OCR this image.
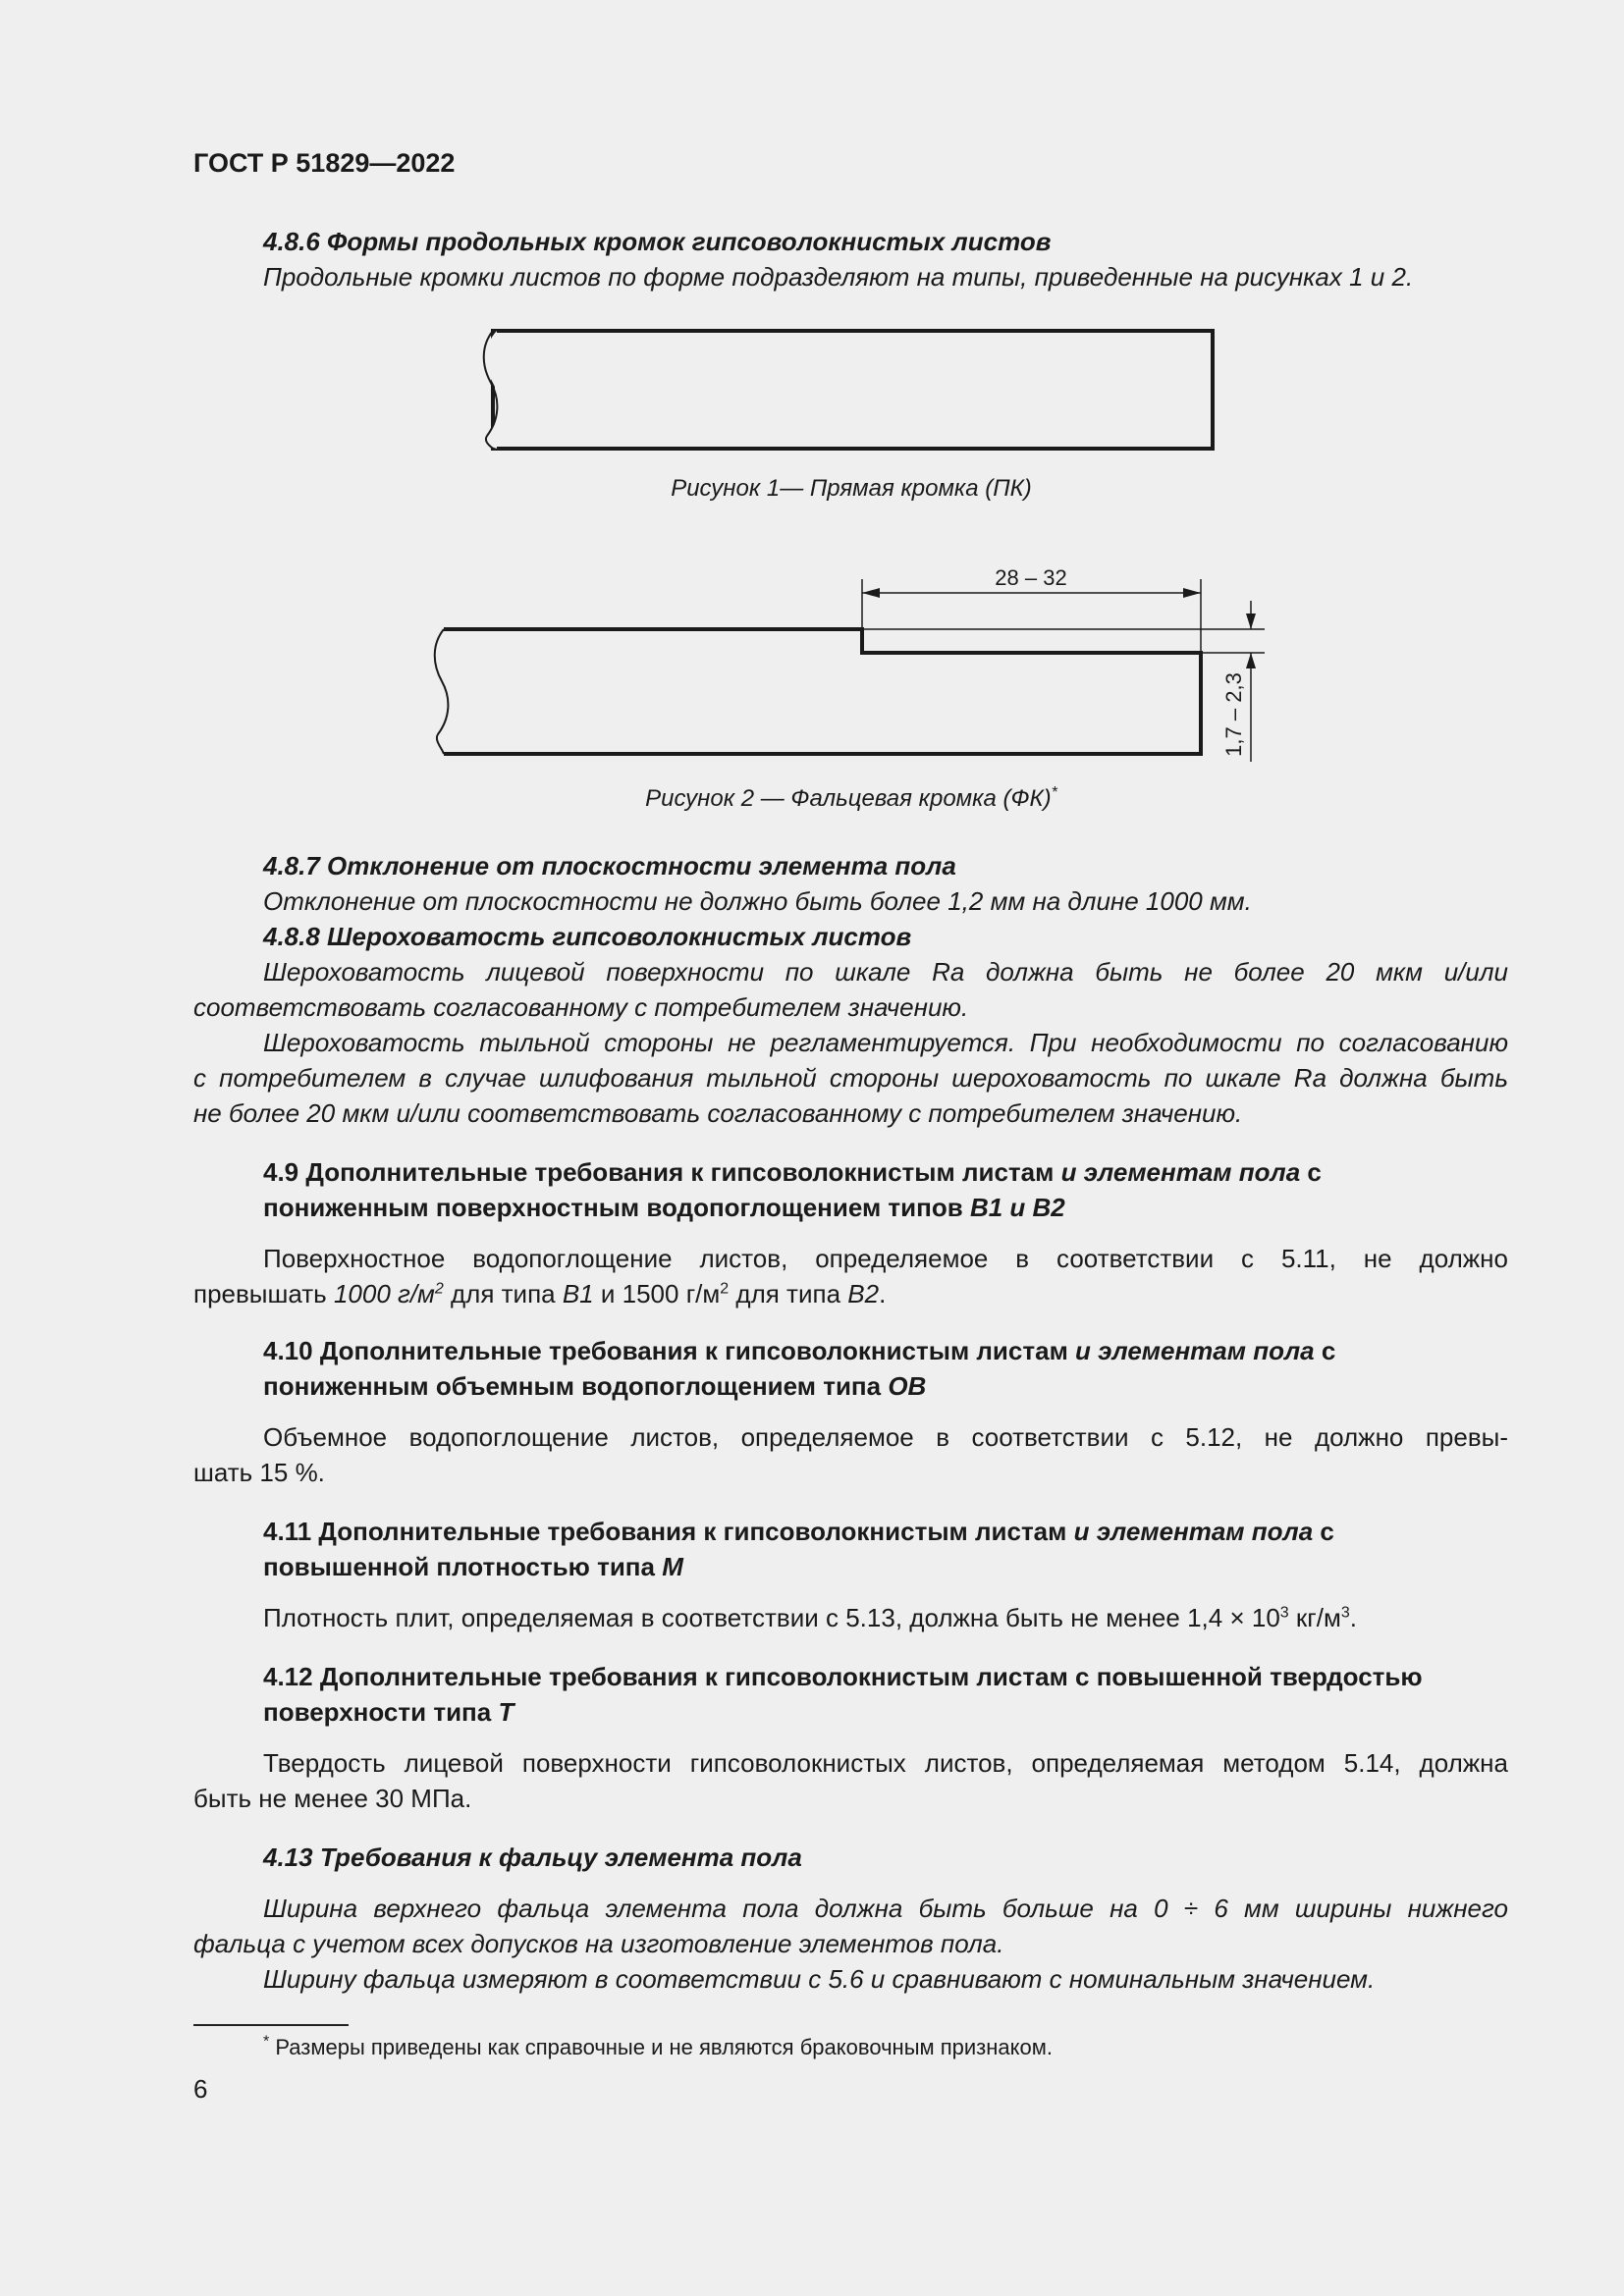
ГОСТ Р 51829—2022
4.8.6 Формы продольных кромок гипсоволокнистых листов
Продольные кромки листов по форме подразделяют на типы, приведенные на рисунках 1 и 2.
Рисунок 1— Прямая кромка (ПК)
28 – 32
1,7 – 2,3
Рисунок 2 — Фальцевая кромка (ФК)*
4.8.7 Отклонение от плоскостности элемента пола
Отклонение от плоскостности не должно быть более 1,2 мм на длине 1000 мм.
4.8.8 Шероховатость гипсоволокнистых листов
Шероховатость лицевой поверхности по шкале Ra должна быть не более 20 мкм и/или
соответствовать согласованному с потребителем значению.
Шероховатость тыльной стороны не регламентируется. При необходимости по согласованию
с потребителем в случае шлифования тыльной стороны шероховатость по шкале Ra должна быть
не более 20 мкм и/или соответствовать согласованному с потребителем значению.
4.9 Дополнительные требования к гипсоволокнистым листам и элементам пола с
пониженным поверхностным водопоглощением типов B1 и B2
Поверхностное водопоглощение листов, определяемое в соответствии с 5.11, не должно
превышать 1000 $г/м^2$ для типа B1 и 1500 $г/м^2$ для типа B2.
4.10 Дополнительные требования к гипсоволокнистым листам и элементам пола с
пониженным объемным водопоглощением типа OB
Объемное водопоглощение листов, определяемое в соответствии с 5.12, не должно превы-
шать 15 %.
4.11 Дополнительные требования к гипсоволокнистым листам и элементам пола с
повышенной плотностью типа M
Плотность плит, определяемая в соответствии с 5.13, должна быть не менее $1,4 \times 10^3$ $кг/м^3$.
4.12 Дополнительные требования к гипсоволокнистым листам с повышенной твердостью
поверхности типа T
Твердость лицевой поверхности гипсоволокнистых листов, определяемая методом 5.14, должна
быть не менее 30 МПа.
4.13 Требования к фальцу элемента пола
Ширина верхнего фальца элемента пола должна быть больше на 0 ÷ 6 мм ширины нижнего
фальца с учетом всех допусков на изготовление элементов пола.
Ширину фальца измеряют в соответствии с 5.6 и сравнивают с номинальным значением.
* Размеры приведены как справочные и не являются браковочным признаком.
6
